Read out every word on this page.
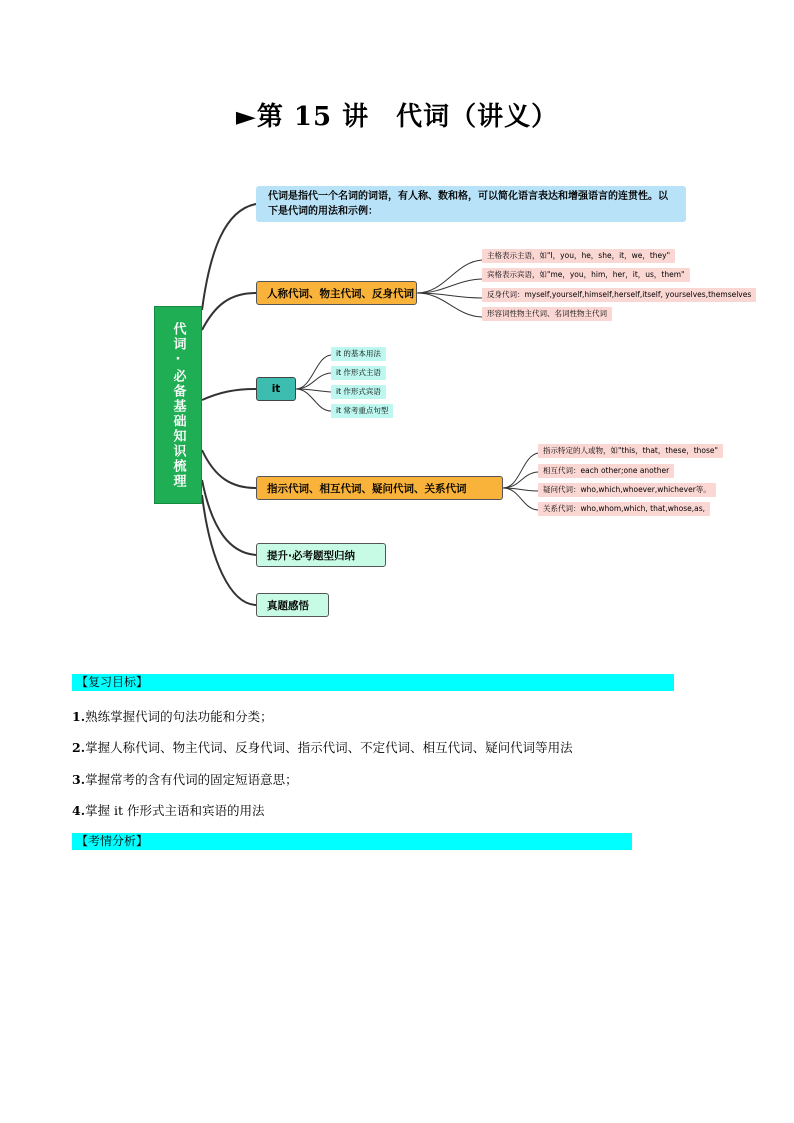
►第 15 讲　代词（讲义）
代词·必备基础知识梳理
代词是指代一个名词的词语，有人称、数和格，可以简化语言表达和增强语言的连贯性。以下是代词的用法和示例：
人称代词、物主代词、反身代词
主格表示主语，如"I，you，he，she，it，we，they"
宾格表示宾语，如"me，you，him，her，it，us，them"
反身代词：myself,yourself,himself,herself,itself, yourselves,themselves
形容词性物主代词、名词性物主代词
it
it 的基本用法
it 作形式主语
it 作形式宾语
it 常考重点句型
指示代词、相互代词、疑问代词、关系代词
指示特定的人或物，如"this，that，these，those"
相互代词：each other;one another
疑问代词：who,which,whoever,whichever等。
关系代词：who,whom,which, that,whose,as,
提升·必考题型归纳
真题感悟
【复习目标】
1.熟练掌握代词的句法功能和分类；
2.掌握人称代词、物主代词、反身代词、指示代词、不定代词、相互代词、疑问代词等用法
3.掌握常考的含有代词的固定短语意思；
4.掌握 it 作形式主语和宾语的用法
【考情分析】
